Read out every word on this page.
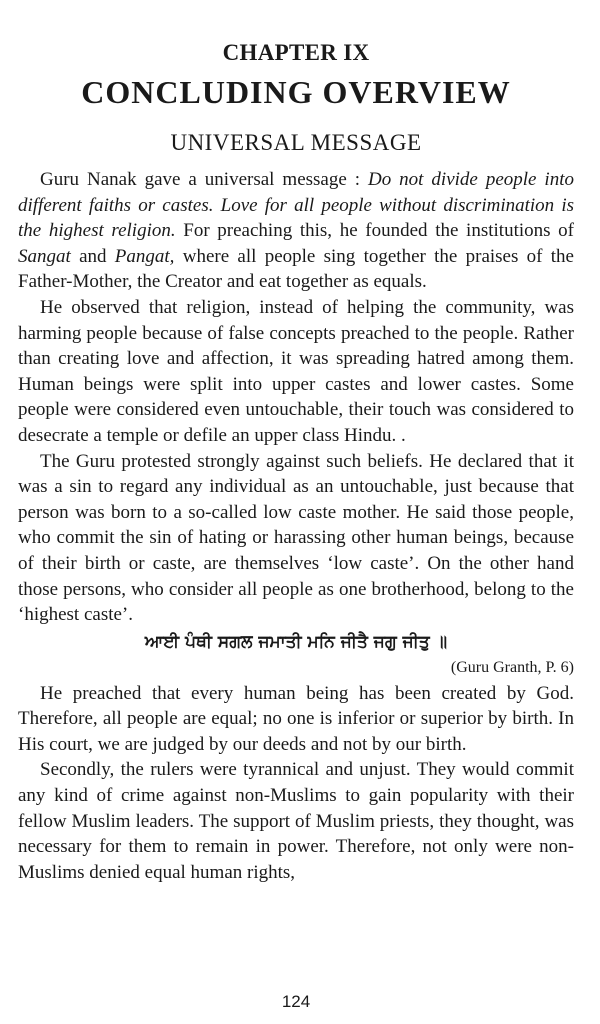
CHAPTER IX
CONCLUDING OVERVIEW
UNIVERSAL MESSAGE

Guru Nanak gave a universal message : Do not divide people into different faiths or castes. Love for all people without discrimination is the highest religion. For preaching this, he founded the institutions of Sangat and Pangat, where all people sing together the praises of the Father-Mother, the Creator and eat together as equals.

He observed that religion, instead of helping the community, was harming people because of false concepts preached to the people. Rather than creating love and affection, it was spreading hatred among them. Human beings were split into upper castes and lower castes. Some people were considered even untouchable, their touch was considered to desecrate a temple or defile an upper class Hindu. .

The Guru protested strongly against such beliefs. He declared that it was a sin to regard any individual as an untouchable, just because that person was born to a so-called low caste mother. He said those people, who commit the sin of hating or harassing other human beings, because of their birth or caste, are themselves ‘low caste’. On the other hand those persons, who consider all people as one brotherhood, belong to the ‘highest caste’.

ਆਈ ਪੰਥੀ ਸਗਲ ਜਮਾਤੀ ਮਨਿ ਜੀਤੈ ਜਗੁ ਜੀਤੁ ॥
(Guru Granth, P. 6)

He preached that every human being has been created by God. Therefore, all people are equal; no one is inferior or superior by birth. In His court, we are judged by our deeds and not by our birth.

Secondly, the rulers were tyrannical and unjust. They would commit any kind of crime against non-Muslims to gain popularity with their fellow Muslim leaders. The support of Muslim priests, they thought, was necessary for them to remain in power. Therefore, not only were non-Muslims denied equal human rights,

124
